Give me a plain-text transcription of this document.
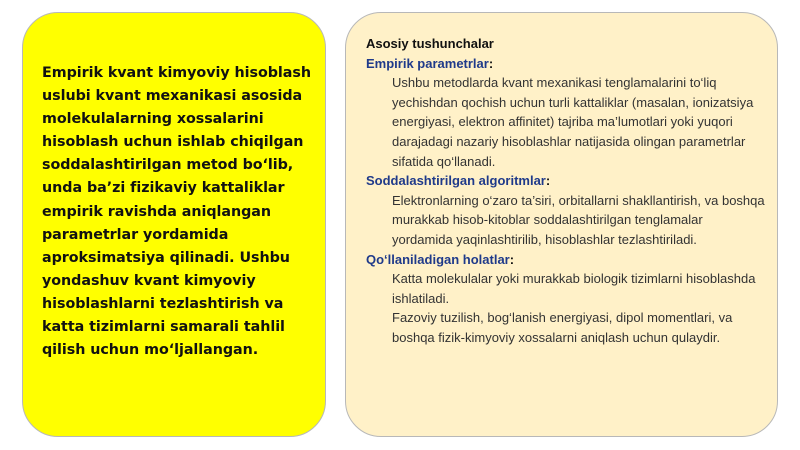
Empirik kvant kimyoviy hisoblash uslubi kvant mexanikasi asosida molekulalarning xossalarini hisoblash uchun ishlab chiqilgan soddalashtirilgan metod bo‘lib, unda ba’zi fizikaviy kattaliklar empirik ravishda aniqlangan parametrlar yordamida aproksimatsiya qilinadi. Ushbu yondashuv kvant kimyoviy hisoblashlarni tezlashtirish va katta tizimlarni samarali tahlil qilish uchun mo‘ljallangan.

Asosiy tushunchalar

Empirik parametrlar:

Ushbu metodlarda kvant mexanikasi tenglamalarini to‘liq yechishdan qochish uchun turli kattaliklar (masalan, ionizatsiya energiyasi, elektron affinitet) tajriba ma’lumotlari yoki yuqori darajadagi nazariy hisoblashlar natijasida olingan parametrlar sifatida qo‘llanadi.

Soddalashtirilgan algoritmlar:

Elektronlarning o‘zaro ta’siri, orbitallarni shakllantirish, va boshqa murakkab hisob-kitoblar soddalashtirilgan tenglamalar yordamida yaqinlashtirilib, hisoblashlar tezlashtiriladi.

Qo‘llaniladigan holatlar:

Katta molekulalar yoki murakkab biologik tizimlarni hisoblashda ishlatiladi.

Fazoviy tuzilish, bog‘lanish energiyasi, dipol momentlari, va boshqa fizik-kimyoviy xossalarni aniqlash uchun qulaydir.
